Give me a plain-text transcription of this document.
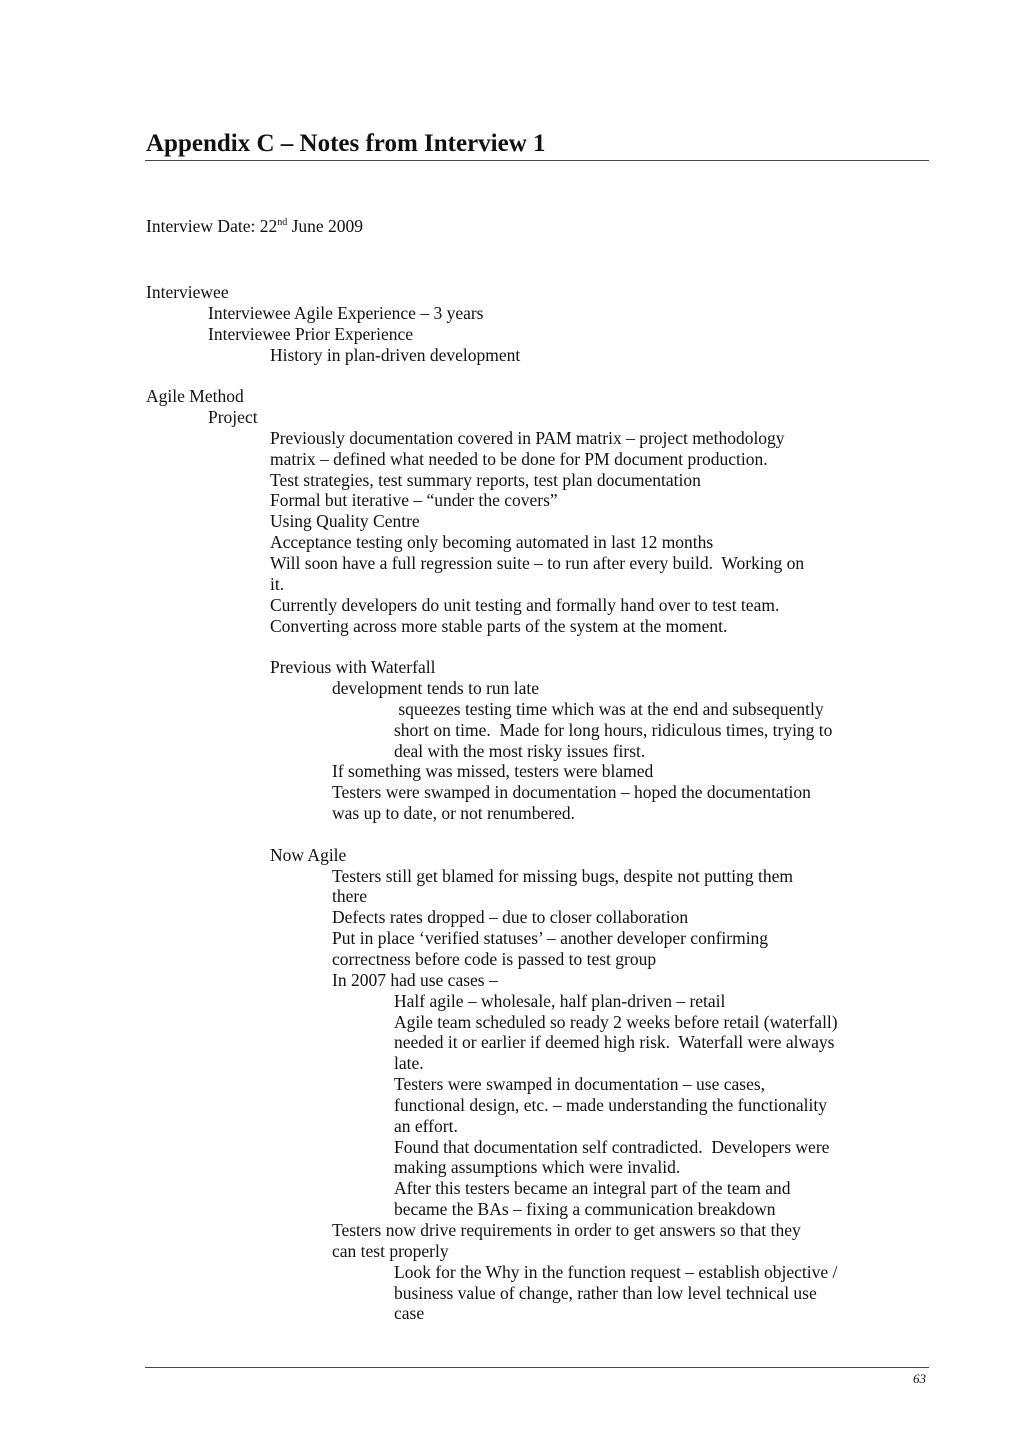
Appendix C – Notes from Interview 1
Interview Date: 22nd June 2009
Interviewee
Interviewee Agile Experience – 3 years
Interviewee Prior Experience
History in plan-driven development
Agile Method
Project
Previously documentation covered in PAM matrix – project methodology
matrix – defined what needed to be done for PM document production.
Test strategies, test summary reports, test plan documentation
Formal but iterative – “under the covers”
Using Quality Centre
Acceptance testing only becoming automated in last 12 months
Will soon have a full regression suite – to run after every build.  Working on
it.
Currently developers do unit testing and formally hand over to test team.
Converting across more stable parts of the system at the moment.
Previous with Waterfall
development tends to run late
squeezes testing time which was at the end and subsequently
short on time.  Made for long hours, ridiculous times, trying to
deal with the most risky issues first.
If something was missed, testers were blamed
Testers were swamped in documentation – hoped the documentation
was up to date, or not renumbered.
Now Agile
Testers still get blamed for missing bugs, despite not putting them
there
Defects rates dropped – due to closer collaboration
Put in place ‘verified statuses’ – another developer confirming
correctness before code is passed to test group
In 2007 had use cases –
Half agile – wholesale, half plan-driven – retail
Agile team scheduled so ready 2 weeks before retail (waterfall)
needed it or earlier if deemed high risk.  Waterfall were always
late.
Testers were swamped in documentation – use cases,
functional design, etc. – made understanding the functionality
an effort.
Found that documentation self contradicted.  Developers were
making assumptions which were invalid.
After this testers became an integral part of the team and
became the BAs – fixing a communication breakdown
Testers now drive requirements in order to get answers so that they
can test properly
Look for the Why in the function request – establish objective /
business value of change, rather than low level technical use
case
63
